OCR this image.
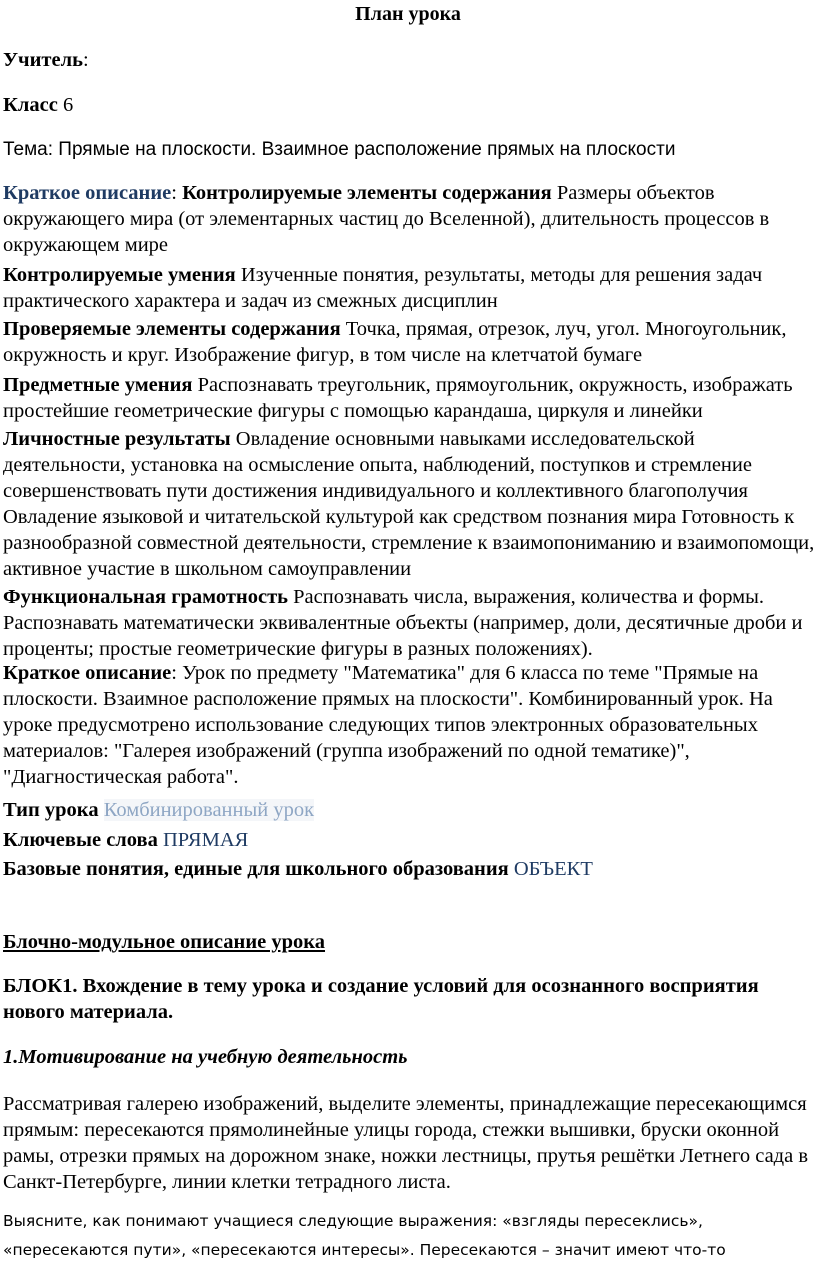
План урока

Учитель:

Класс 6

Тема: Прямые на плоскости. Взаимное расположение прямых на плоскости

Краткое описание: Контролируемые элементы содержания Размеры объектов окружающего мира (от элементарных частиц до Вселенной), длительность процессов в окружающем мире

Контролируемые умения Изученные понятия, результаты, методы для решения задач практического характера и задач из смежных дисциплин

Проверяемые элементы содержания Точка, прямая, отрезок, луч, угол. Многоугольник, окружность и круг. Изображение фигур, в том числе на клетчатой бумаге

Предметные умения Распознавать треугольник, прямоугольник, окружность, изображать простейшие геометрические фигуры с помощью карандаша, циркуля и линейки

Личностные результаты Овладение основными навыками исследовательской деятельности, установка на осмысление опыта, наблюдений, поступков и стремление совершенствовать пути достижения индивидуального и коллективного благополучия Овладение языковой и читательской культурой как средством познания мира Готовность к разнообразной совместной деятельности, стремление к взаимопониманию и взаимопомощи, активное участие в школьном самоуправлении

Функциональная грамотность Распознавать числа, выражения, количества и формы. Распознавать математически эквивалентные объекты (например, доли, десятичные дроби и проценты; простые геометрические фигуры в разных положениях).

Краткое описание: Урок по предмету "Математика" для 6 класса по теме "Прямые на плоскости. Взаимное расположение прямых на плоскости". Комбинированный урок. На уроке предусмотрено использование следующих типов электронных образовательных материалов: "Галерея изображений (группа изображений по одной тематике)", "Диагностическая работа".

Тип урока Комбинированный урок

Ключевые слова ПРЯМАЯ

Базовые понятия, единые для школьного образования ОБЪЕКТ

Блочно-модульное описание урока

БЛОК1. Вхождение в тему урока и создание условий для осознанного восприятия нового материала.

1.Мотивирование на учебную деятельность

Рассматривая галерею изображений, выделите элементы, принадлежащие пересекающимся прямым: пересекаются прямолинейные улицы города, стежки вышивки, бруски оконной рамы, отрезки прямых на дорожном знаке, ножки лестницы, прутья решётки Летнего сада в Санкт-Петербурге, линии клетки тетрадного листа.

Выясните, как понимают учащиеся следующие выражения: «взгляды пересеклись»,

«пересекаются пути», «пересекаются интересы». Пересекаются – значит имеют что-то
